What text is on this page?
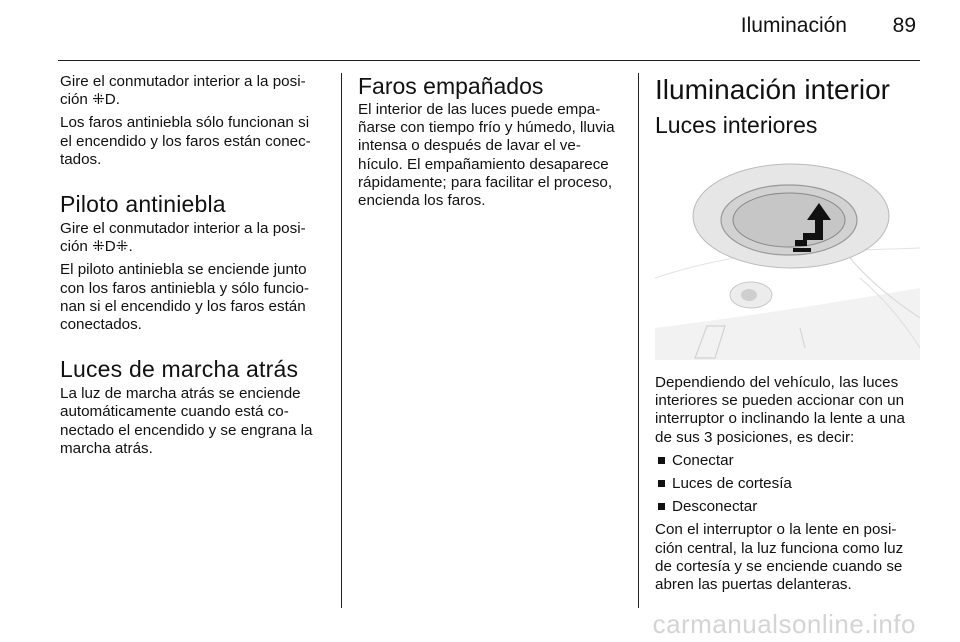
Iluminación 89

Gire el conmutador interior a la posi-
ción ⁜D.

Los faros antiniebla sólo funcionan si
el encendido y los faros están conec-
tados.

Piloto antiniebla

Gire el conmutador interior a la posi-
ción ⁜D⁜.

El piloto antiniebla se enciende junto
con los faros antiniebla y sólo funcio-
nan si el encendido y los faros están
conectados.

Luces de marcha atrás

La luz de marcha atrás se enciende
automáticamente cuando está co-
nectado el encendido y se engrana la
marcha atrás.

Faros empañados

El interior de las luces puede empa-
ñarse con tiempo frío y húmedo, lluvia
intensa o después de lavar el ve-
hículo. El empañamiento desaparece
rápidamente; para facilitar el proceso,
encienda los faros.

Iluminación interior
Luces interiores

Dependiendo del vehículo, las luces
interiores se pueden accionar con un
interruptor o inclinando la lente a una
de sus 3 posiciones, es decir:

Conectar
Luces de cortesía
Desconectar

Con el interruptor o la lente en posi-
ción central, la luz funciona como luz
de cortesía y se enciende cuando se
abren las puertas delanteras.

carmanualsonline.info
